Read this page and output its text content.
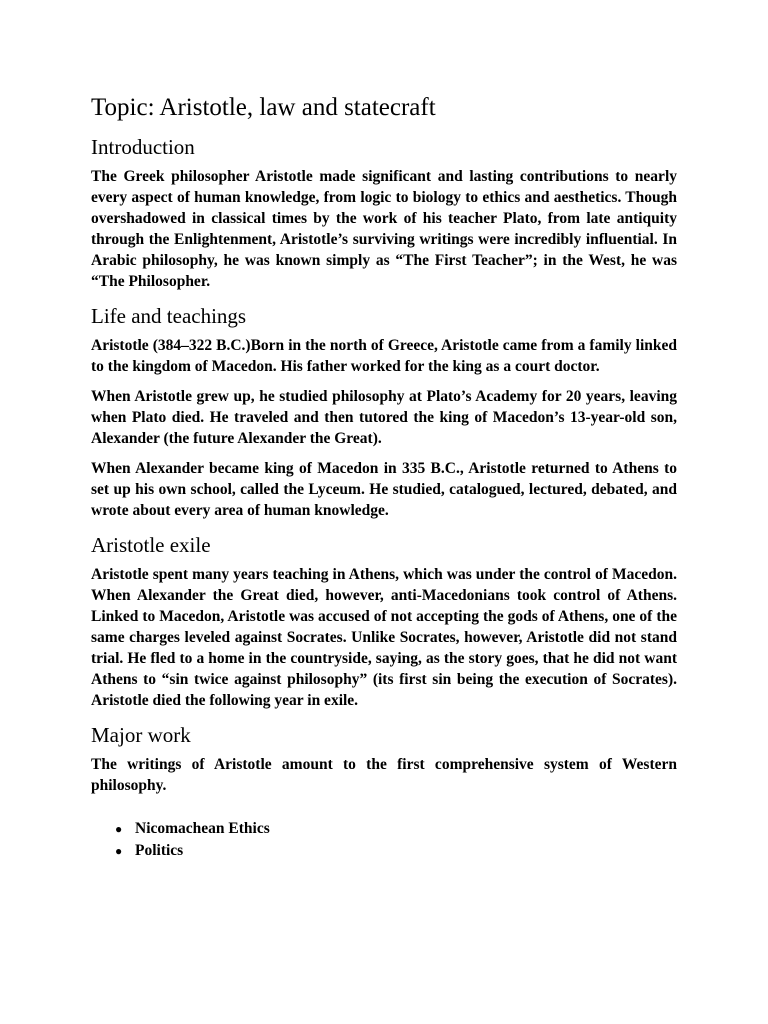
Topic: Aristotle, law and statecraft
Introduction

The Greek philosopher Aristotle made significant and lasting contributions to nearly every aspect of human knowledge, from logic to biology to ethics and aesthetics. Though overshadowed in classical times by the work of his teacher Plato, from late antiquity through the Enlightenment, Aristotle’s surviving writings were incredibly influential. In Arabic philosophy, he was known simply as “The First Teacher”; in the West, he was “The Philosopher.

Life and teachings

Aristotle (384–322 B.C.)Born in the north of Greece, Aristotle came from a family linked to the kingdom of Macedon. His father worked for the king as a court doctor.

When Aristotle grew up, he studied philosophy at Plato’s Academy for 20 years, leaving when Plato died. He traveled and then tutored the king of Macedon’s 13-year-old son, Alexander (the future Alexander the Great).

When Alexander became king of Macedon in 335 B.C., Aristotle returned to Athens to set up his own school, called the Lyceum. He studied, catalogued, lectured, debated, and wrote about every area of human knowledge.

Aristotle exile

Aristotle spent many years teaching in Athens, which was under the control of Macedon. When Alexander the Great died, however, anti-Macedonians took control of Athens. Linked to Macedon, Aristotle was accused of not accepting the gods of Athens, one of the same charges leveled against Socrates. Unlike Socrates, however, Aristotle did not stand trial. He fled to a home in the countryside, saying, as the story goes, that he did not want Athens to “sin twice against philosophy” (its first sin being the execution of Socrates). Aristotle died the following year in exile.

Major work

The writings of Aristotle amount to the first comprehensive system of Western philosophy.

● Nicomachean Ethics
● Politics
